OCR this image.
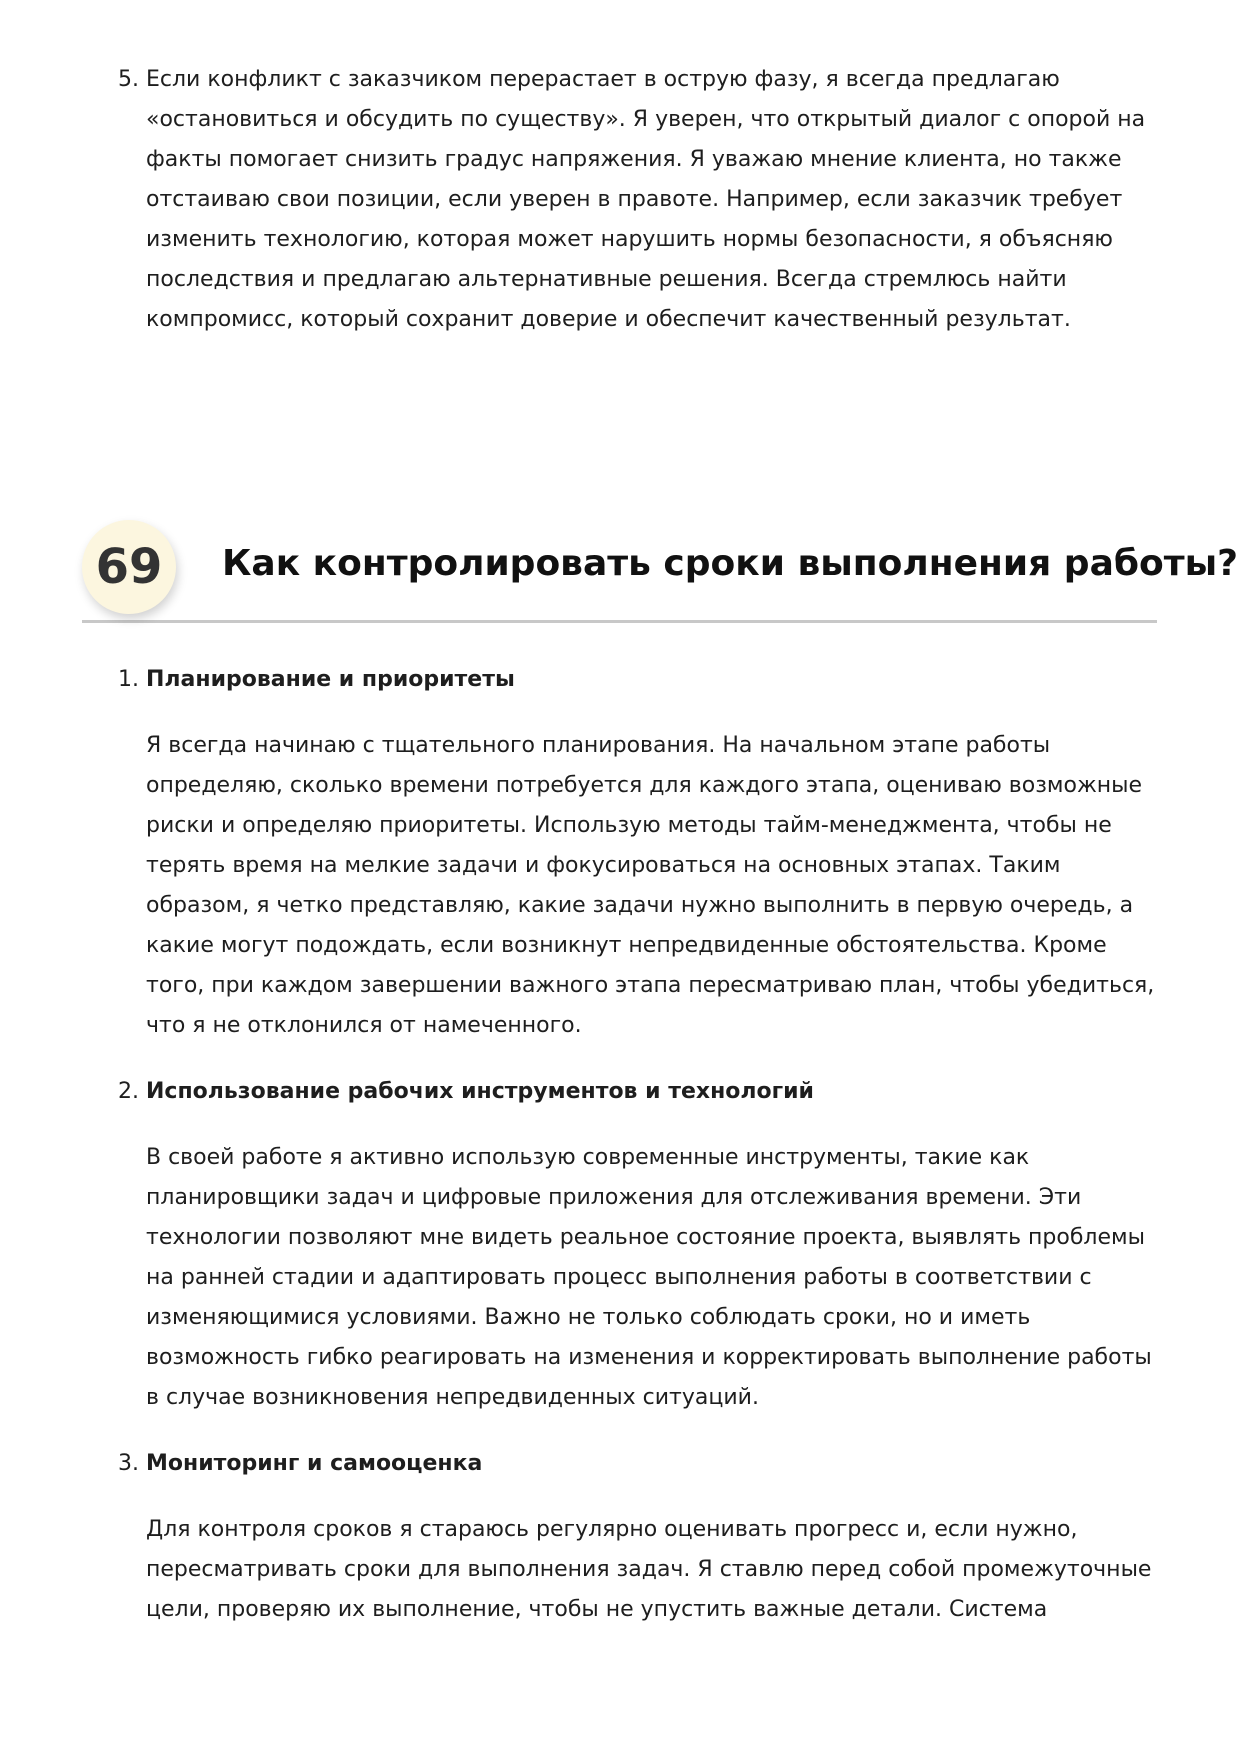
5. Если конфликт с заказчиком перерастает в острую фазу, я всегда предлагаю «остановиться и обсудить по существу». Я уверен, что открытый диалог с опорой на факты помогает снизить градус напряжения. Я уважаю мнение клиента, но также отстаиваю свои позиции, если уверен в правоте. Например, если заказчик требует изменить технологию, которая может нарушить нормы безопасности, я объясняю последствия и предлагаю альтернативные решения. Всегда стремлюсь найти компромисс, который сохранит доверие и обеспечит качественный результат.

69	Как контролировать сроки выполнения работы?
1. Планирование и приоритеты

Я всегда начинаю с тщательного планирования. На начальном этапе работы определяю, сколько времени потребуется для каждого этапа, оцениваю возможные риски и определяю приоритеты. Использую методы тайм-менеджмента, чтобы не терять время на мелкие задачи и фокусироваться на основных этапах. Таким образом, я четко представляю, какие задачи нужно выполнить в первую очередь, а какие могут подождать, если возникнут непредвиденные обстоятельства. Кроме того, при каждом завершении важного этапа пересматриваю план, чтобы убедиться, что я не отклонился от намеченного.

2. Использование рабочих инструментов и технологий

В своей работе я активно использую современные инструменты, такие как планировщики задач и цифровые приложения для отслеживания времени. Эти технологии позволяют мне видеть реальное состояние проекта, выявлять проблемы на ранней стадии и адаптировать процесс выполнения работы в соответствии с изменяющимися условиями. Важно не только соблюдать сроки, но и иметь возможность гибко реагировать на изменения и корректировать выполнение работы в случае возникновения непредвиденных ситуаций.

3. Мониторинг и самооценка

Для контроля сроков я стараюсь регулярно оценивать прогресс и, если нужно, пересматривать сроки для выполнения задач. Я ставлю перед собой промежуточные цели, проверяю их выполнение, чтобы не упустить важные детали. Система
